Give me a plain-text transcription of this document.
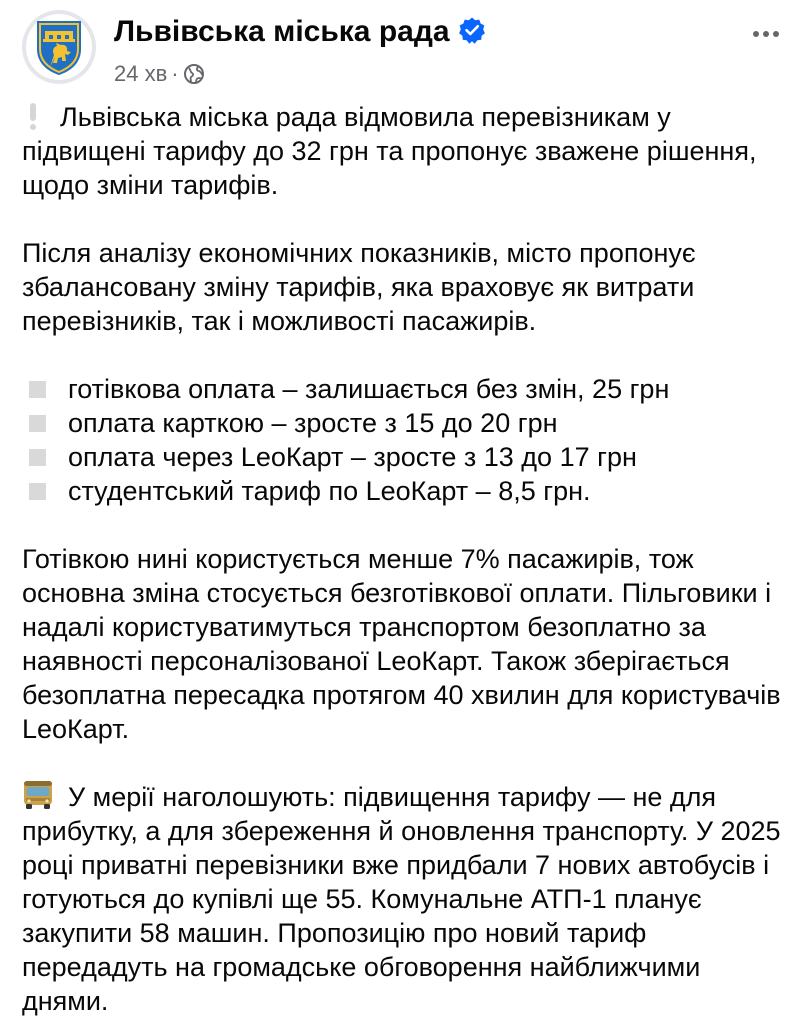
Львівська міська рада
24 хв ·

Львівська міська рада відмовила перевізникам у підвищені тарифу до 32 грн та пропонує зважене рішення, щодо зміни тарифів.

Після аналізу економічних показників, місто пропонує збалансовану зміну тарифів, яка враховує як витрати перевізників, так і можливості пасажирів.

готівкова оплата – залишається без змін, 25 грн
оплата карткою – зросте з 15 до 20 грн
оплата через LeoКарт – зросте з 13 до 17 грн
студентський тариф по LeoКарт – 8,5 грн.

Готівкою нині користується менше 7% пасажирів, тож основна зміна стосується безготівкової оплати. Пільговики і надалі користуватимуться транспортом безоплатно за наявності персоналізованої LeoКарт. Також зберігається безоплатна пересадка протягом 40 хвилин для користувачів LeoКарт.

У мерії наголошують: підвищення тарифу — не для прибутку, а для збереження й оновлення транспорту. У 2025 році приватні перевізники вже придбали 7 нових автобусів і готуються до купівлі ще 55. Комунальне АТП-1 планує закупити 58 машин. Пропозицію про новий тариф передадуть на громадське обговорення найближчими днями.
